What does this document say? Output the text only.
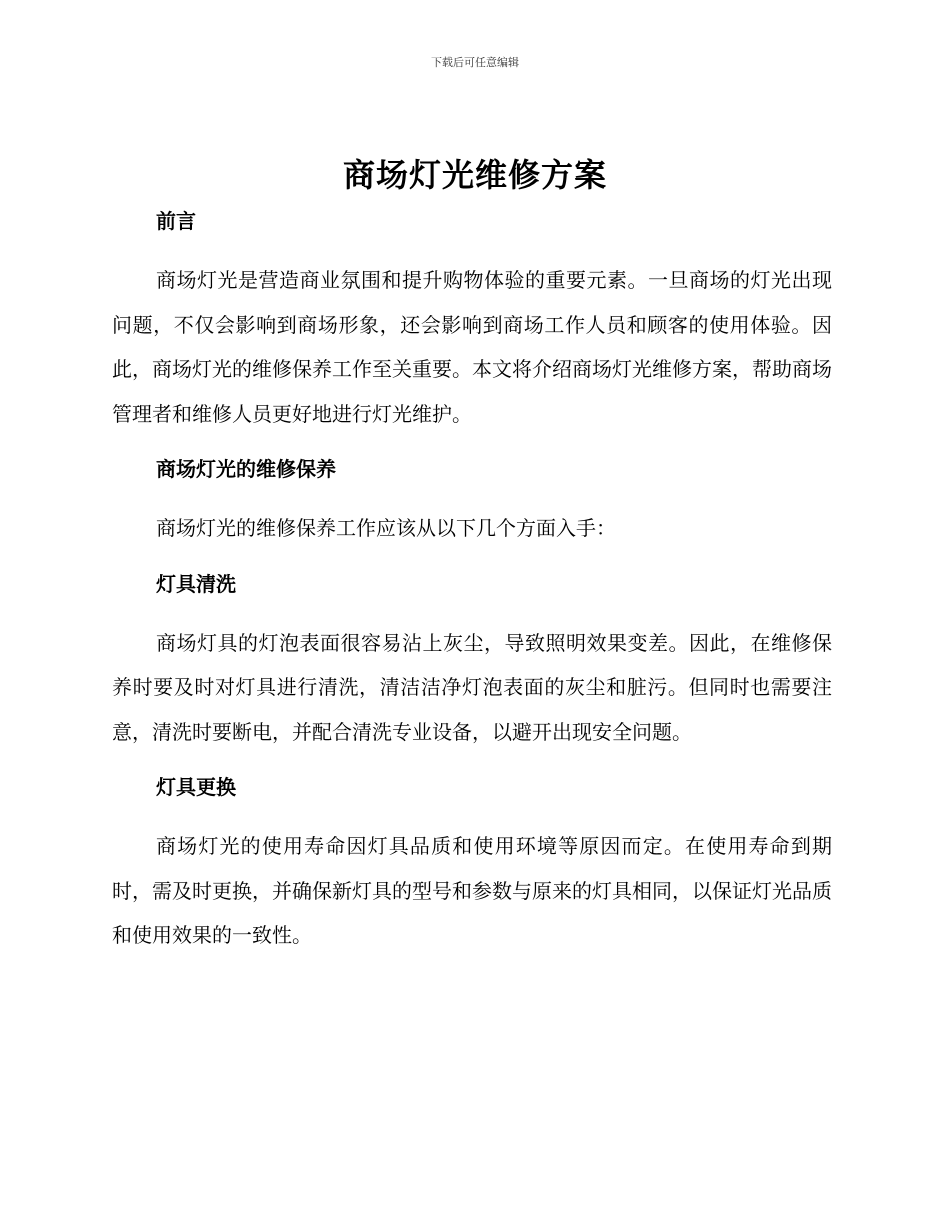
下载后可任意编辑
商场灯光维修方案
前言

商场灯光是营造商业氛围和提升购物体验的重要元素。一旦商场的灯光出现问题，不仅会影响到商场形象，还会影响到商场工作人员和顾客的使用体验。因此，商场灯光的维修保养工作至关重要。本文将介绍商场灯光维修方案，帮助商场管理者和维修人员更好地进行灯光维护。

商场灯光的维修保养

商场灯光的维修保养工作应该从以下几个方面入手：

灯具清洗

商场灯具的灯泡表面很容易沾上灰尘，导致照明效果变差。因此，在维修保养时要及时对灯具进行清洗，清洁洁净灯泡表面的灰尘和脏污。但同时也需要注意，清洗时要断电，并配合清洗专业设备，以避开出现安全问题。

灯具更换

商场灯光的使用寿命因灯具品质和使用环境等原因而定。在使用寿命到期时，需及时更换，并确保新灯具的型号和参数与原来的灯具相同，以保证灯光品质和使用效果的一致性。
